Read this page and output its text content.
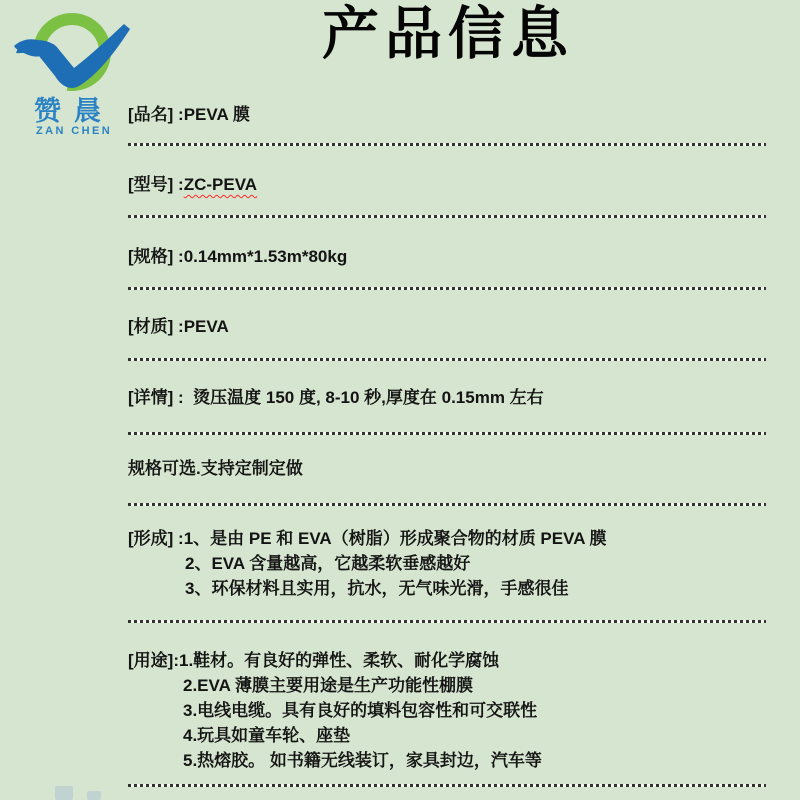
赞晨
ZAN CHEN
产品信息
[品名] :PEVA 膜
[型号] :ZC-PEVA
[规格] :0.14mm*1.53m*80kg
[材质] :PEVA
[详情] :  烫压温度 150 度, 8-10 秒,厚度在 0.15mm 左右
规格可选.支持定制定做
[形成] :1、是由 PE 和 EVA（树脂）形成聚合物的材质 PEVA 膜
2、EVA 含量越高，它越柔软垂感越好
3、环保材料且实用，抗水，无气味光滑，手感很佳
[用途]:1.鞋材。有良好的弹性、柔软、耐化学腐蚀
2.EVA 薄膜主要用途是生产功能性棚膜
3.电线电缆。具有良好的填料包容性和可交联性
4.玩具如童车轮、座垫
5.热熔胶。 如书籍无线装订，家具封边，汽车等
